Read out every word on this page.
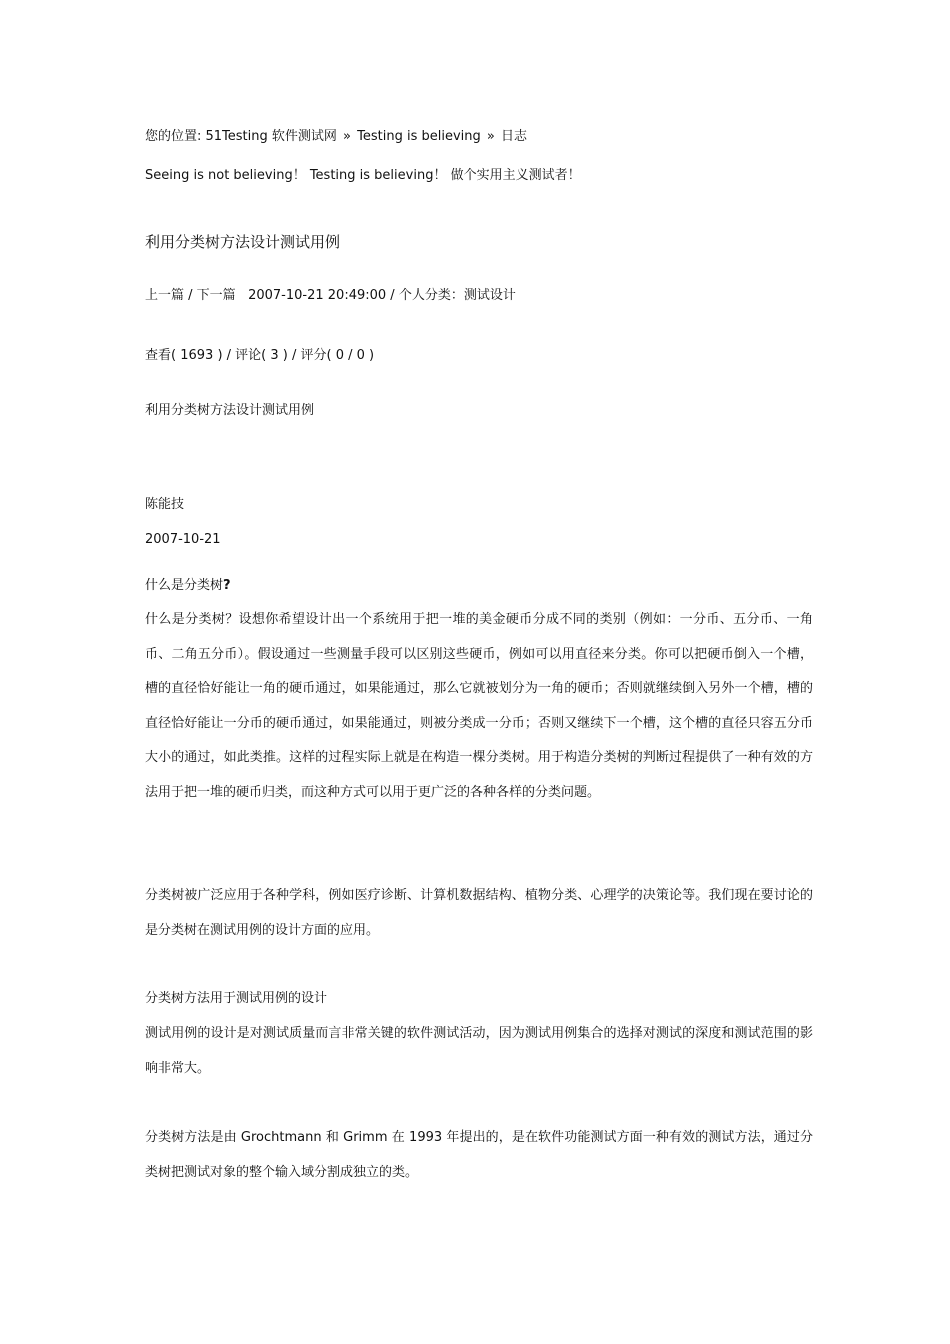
您的位置: 51Testing 软件测试网 » Testing is believing » 日志
Seeing is not believing！ Testing is believing！ 做个实用主义测试者！
利用分类树方法设计测试用例
上一篇 / 下一篇 2007-10-21 20:49:00 / 个人分类：测试设计
查看( 1693 ) / 评论( 3 ) / 评分( 0 / 0 )
利用分类树方法设计测试用例
陈能技
2007-10-21
什么是分类树?
什么是分类树？设想你希望设计出一个系统用于把一堆的美金硬币分成不同的类别（例如：一分币、五分币、一角币、二角五分币）。假设通过一些测量手段可以区别这些硬币，例如可以用直径来分类。你可以把硬币倒入一个槽，槽的直径恰好能让一角的硬币通过，如果能通过，那么它就被划分为一角的硬币；否则就继续倒入另外一个槽，槽的直径恰好能让一分币的硬币通过，如果能通过，则被分类成一分币；否则又继续下一个槽，这个槽的直径只容五分币大小的通过，如此类推。这样的过程实际上就是在构造一棵分类树。用于构造分类树的判断过程提供了一种有效的方法用于把一堆的硬币归类，而这种方式可以用于更广泛的各种各样的分类问题。
分类树被广泛应用于各种学科，例如医疗诊断、计算机数据结构、植物分类、心理学的决策论等。我们现在要讨论的是分类树在测试用例的设计方面的应用。
分类树方法用于测试用例的设计
测试用例的设计是对测试质量而言非常关键的软件测试活动，因为测试用例集合的选择对测试的深度和测试范围的影响非常大。
分类树方法是由 Grochtmann 和 Grimm 在 1993 年提出的，是在软件功能测试方面一种有效的测试方法，通过分类树把测试对象的整个输入域分割成独立的类。
